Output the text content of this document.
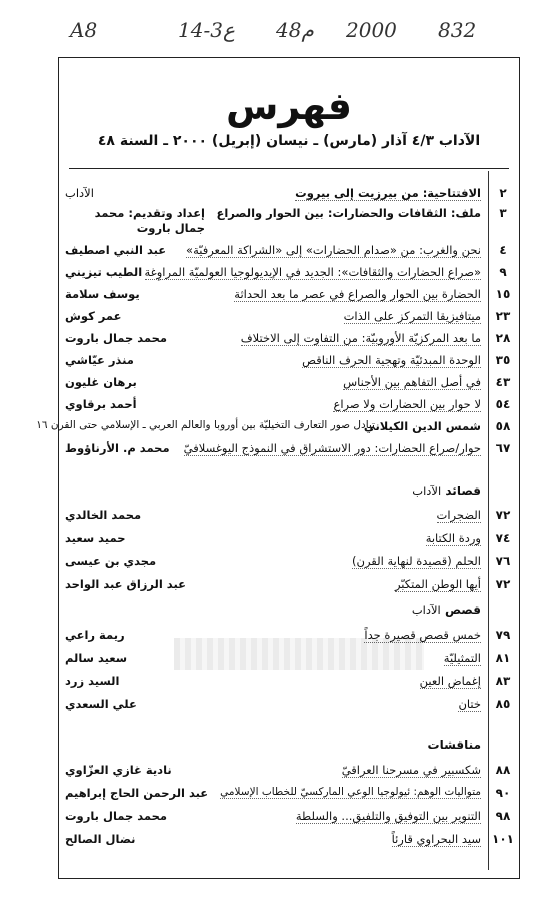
A8	14-3ع 48م 2000 832
فهرس
الآداب ٤/٣ آذار (مارس) ـ نيسان (إبريل) ٢٠٠٠ ـ السنة ٤٨
٢
الافتتاحية: من بيرزيت إلى بيروت
الآداب
٣
ملف: الثقافات والحضارات: بين الحوار والصراع
إعداد وتقديم: محمد جمال باروت
٤
نحن والغرب: من «صدام الحضارات» إلى «الشراكة المعرفيّة»
عبد النبي اصطيف
٩
«صراع الحضارات والثقافات»: الجديد في الإيديولوجيا العولميّة المراوِغة
الطيب تيزيني
١٥
الحضارة بين الحوار والصراع في عصر ما بعد الحداثة
يوسف سلامة
٢٣
ميتافيزيقا التمركز على الذات
عمر كوش
٢٨
ما بعد المركزيّة الأوروبيّة: من التفاوت إلى الاختلاف
محمد جمال باروت
٣٥
الوحدة المبدئيّة وتهجية الحرف الناقص
منذر عيّاشي
٤٣
في أصل التفاهم بين الأجناس
برهان غليون
٥٤
لا حوار بين الحضارات ولا صراع
أحمد برقاوي
٥٨
تبادل صور التعارف التخيليّة بين أوروبا والعالم العربي ـ الإسلامي حتى القرن ١٦
شمس الدين الكيلاني
٦٧
حوار/صراع الحضارات: دور الاستشراق في النموذج اليوغسلافيّ
محمد م. الأرناؤوط
قصائد الآداب
٧٢
الضجرات
محمد الخالدي
٧٤
وردة الكتابة
حميد سعيد
٧٦
الحلم (قصيدة لنهاية القرن)
مجدي بن عيسى
٧٢
أيها الوطن المتكبّر
عبد الرزاق عبد الواحد
قصص الآداب
٧٩
خمس قصص قصيرة جداً
ريمة راعي
٨١
التمثيليّة
سعيد سالم
٨٣
إغماض العين
السيد زرد
٨٥
ختان
علي السعدي
مناقشات
٨٨
شكسبير في مسرحنا العراقيّ
نادية غازي العزّاوي
٩٠
متواليات الوهم: ئيولوجيا الوعي الماركسيّ للخطاب الإسلامي
عبد الرحمن الحاج إبراهيم
٩٨
التنوير بين التوفيق والتلفيق... والسلطة
محمد جمال باروت
١٠١
سيد البحراوي قارئاً
نضال الصالح
